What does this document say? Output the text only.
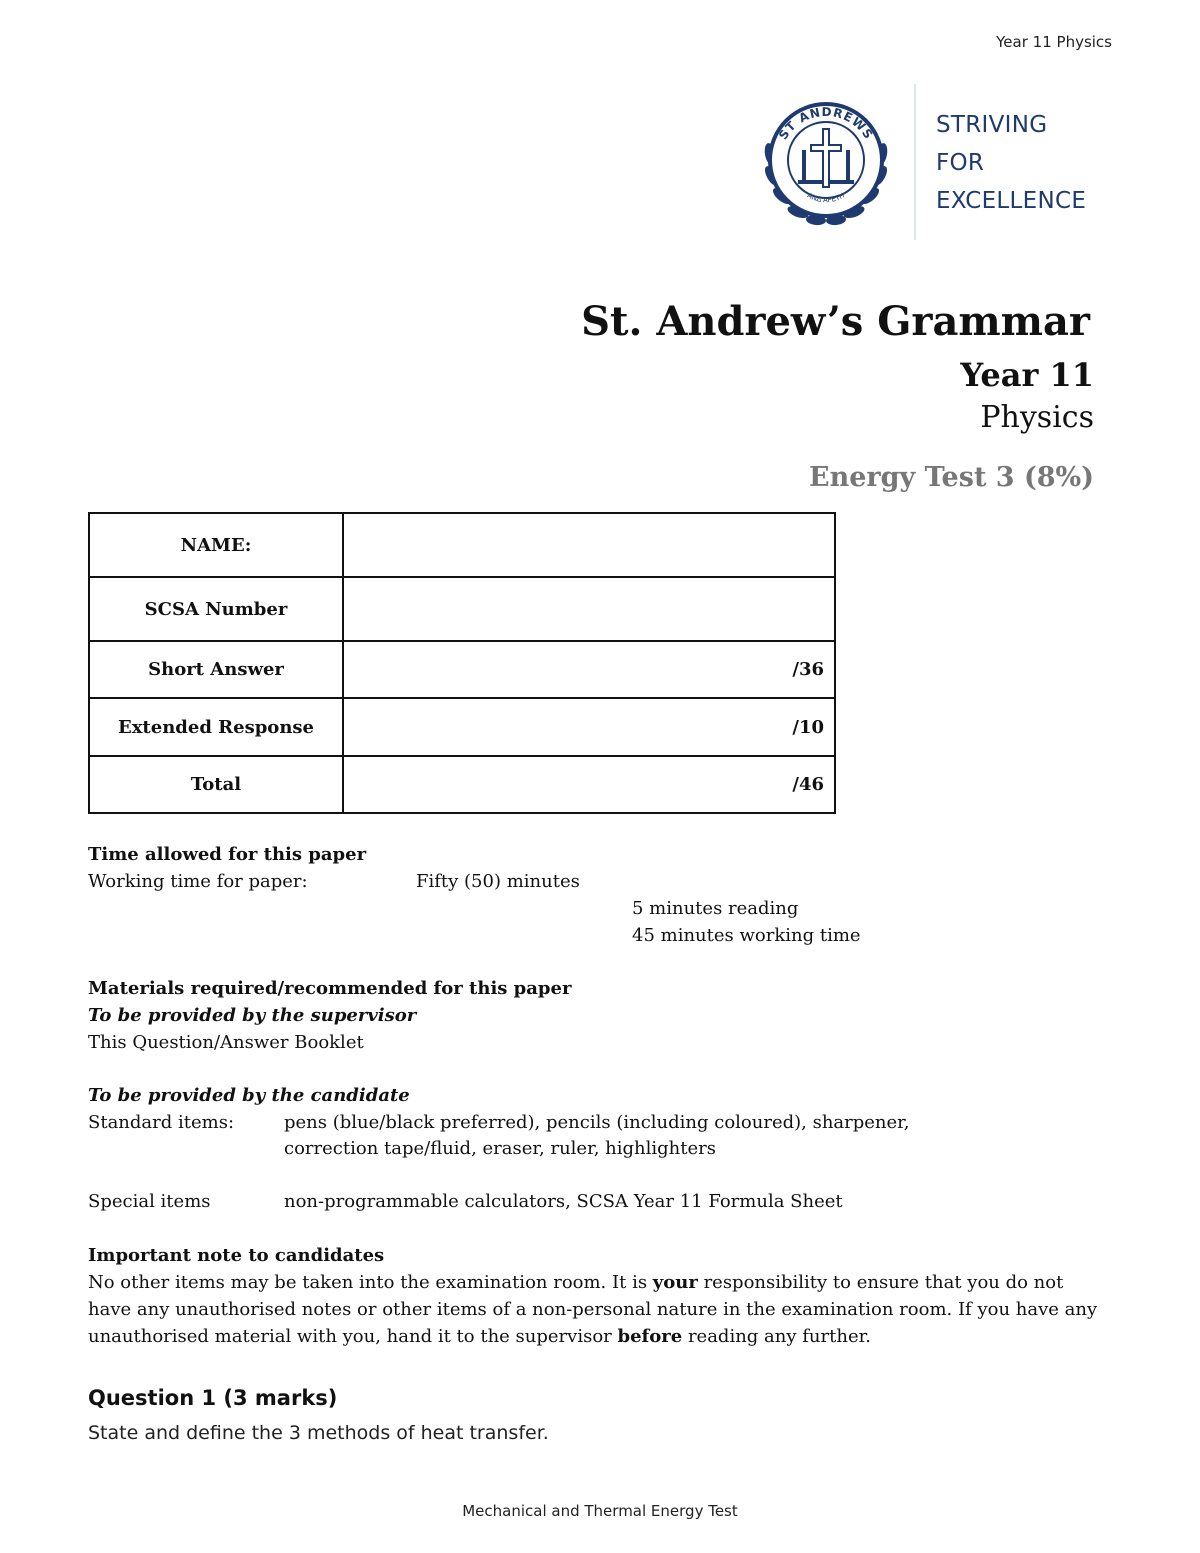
Year 11 Physics
ST ANDREWS
ΑΝΔ ΑΡΕΤΗ
STRIVING
FOR
EXCELLENCE
St. Andrew’s Grammar
Year 11
Physics
Energy Test 3 (8%)
NAME:	
SCSA Number	
Short Answer	/36
Extended Response	/10
Total	/46
Time allowed for this paper
Working time for paper:	Fifty (50) minutes
5 minutes reading
45 minutes working time
Materials required/recommended for this paper
To be provided by the supervisor
This Question/Answer Booklet
To be provided by the candidate
Standard items:	pens (blue/black preferred), pencils (including coloured), sharpener,
correction tape/fluid, eraser, ruler, highlighters
Special items	non-programmable calculators, SCSA Year 11 Formula Sheet
Important note to candidates
No other items may be taken into the examination room. It is your responsibility to ensure that you do not have any unauthorised notes or other items of a non-personal nature in the examination room. If you have any unauthorised material with you, hand it to the supervisor before reading any further.
Question 1 (3 marks)
State and define the 3 methods of heat transfer.
Mechanical and Thermal Energy Test
